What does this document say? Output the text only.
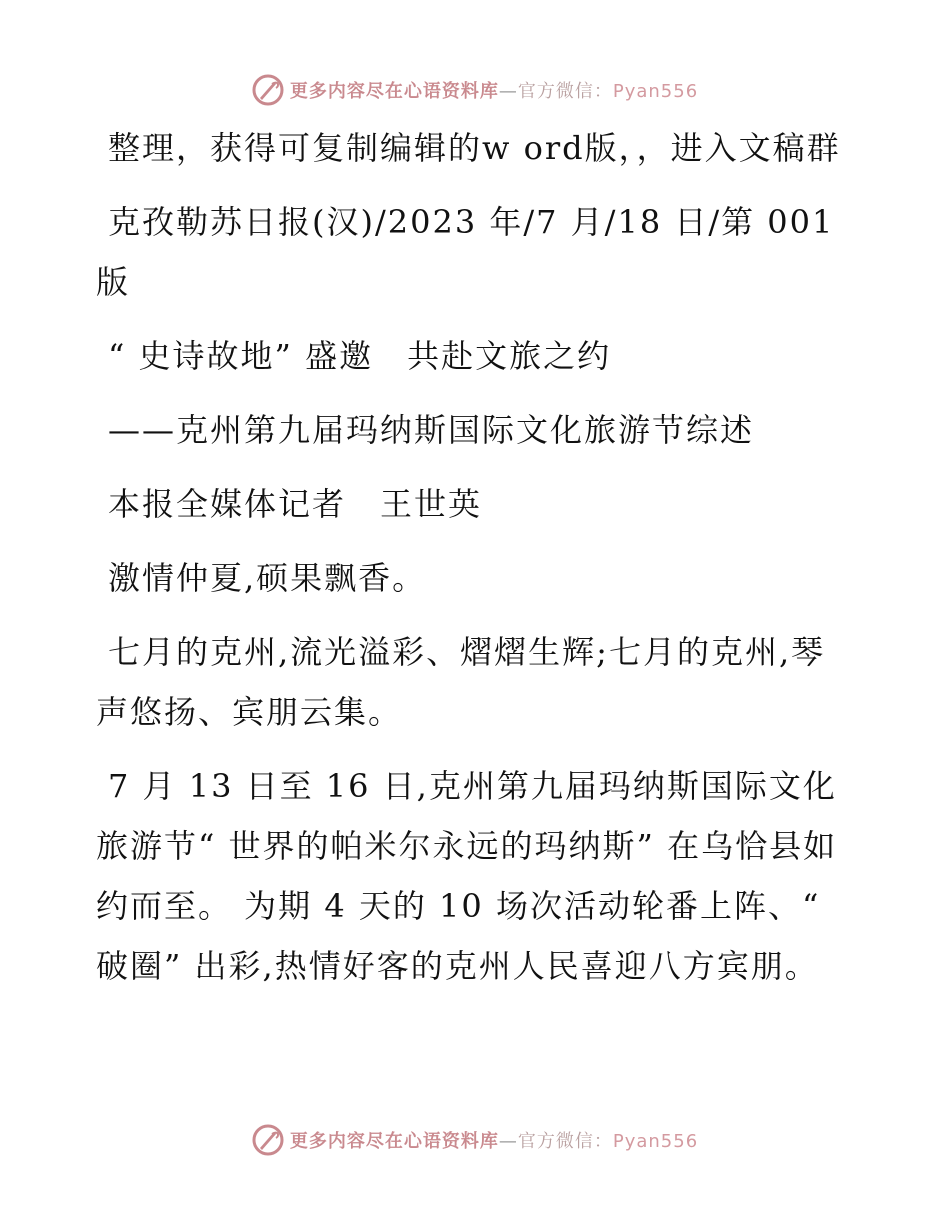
更多内容尽在心语资料库—官方微信：Pyan556

整理，获得可复制编辑的w ord版，，进入文稿群

克孜勒苏日报(汉)/2023 年/7 月/18 日/第 001 版

“ 史诗故地” 盛邀　共赴文旅之约

——克州第九届玛纳斯国际文化旅游节综述

本报全媒体记者　王世英

激情仲夏,硕果飘香。

七月的克州,流光溢彩、熠熠生辉;七月的克州,琴声悠扬、宾朋云集。

7 月 13 日至 16 日,克州第九届玛纳斯国际文化旅游节“ 世界的帕米尔永远的玛纳斯” 在乌恰县如约而至。 为期 4 天的 10 场次活动轮番上阵、“ 破圈” 出彩,热情好客的克州人民喜迎八方宾朋。

更多内容尽在心语资料库—官方微信：Pyan556
